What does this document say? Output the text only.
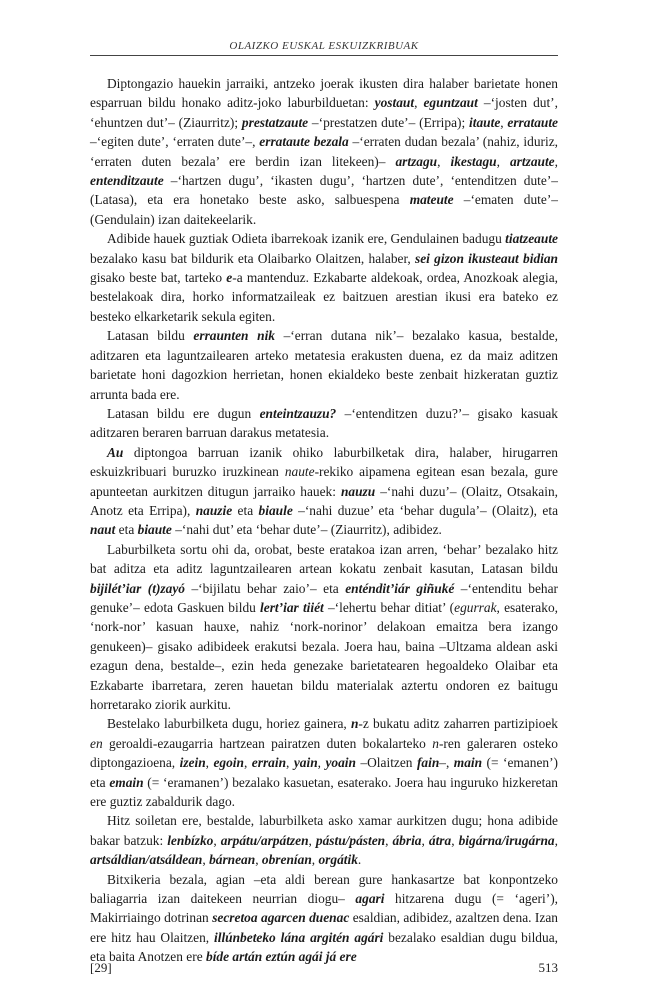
OLAIZKO EUSKAL ESKUIZKRIBUAK

Diptongazio hauekin jarraiki, antzeko joerak ikusten dira halaber barietate honen esparruan bildu honako aditz-joko laburbilduetan: yostaut, eguntzaut –‘josten dut’, ‘ehuntzen dut’– (Ziaurritz); prestatzaute –‘prestatzen dute’– (Erripa); itaute, errataute –‘egiten dute’, ‘erraten dute’–, errataute bezala –‘erraten dudan bezala’ (nahiz, iduriz, ‘erraten duten bezala’ ere berdin izan litekeen)– artzagu, ikestagu, artzaute, entenditzaute –‘hartzen dugu’, ‘ikasten dugu’, ‘hartzen dute’, ‘entenditzen dute’– (Latasa), eta era honetako beste asko, salbuespena mateute –‘ematen dute’– (Gendulain) izan daitekeelarik.

Adibide hauek guztiak Odieta ibarrekoak izanik ere, Gendulainen badugu tiatzeaute bezalako kasu bat bildurik eta Olaibarko Olaitzen, halaber, sei gizon ikusteaut bidian gisako beste bat, tarteko e-a mantenduz. Ezkabarte aldekoak, ordea, Anozkoak alegia, bestelakoak dira, horko informatzaileak ez baitzuen arestian ikusi era bateko ez besteko elkarketarik sekula egiten.

Latasan bildu erraunten nik –‘erran dutana nik’– bezalako kasua, bestalde, aditzaren eta laguntzailearen arteko metatesia erakusten duena, ez da maiz aditzen barietate honi dagozkion herrietan, honen ekialdeko beste zenbait hizkeratan guztiz arrunta bada ere.

Latasan bildu ere dugun enteintzauzu? –‘entenditzen duzu?’– gisako kasuak aditzaren beraren barruan darakus metatesia.

Au diptongoa barruan izanik ohiko laburbilketak dira, halaber, hirugarren eskuizkribuari buruzko iruzkinean naute-rekiko aipamena egitean esan bezala, gure apunteetan aurkitzen ditugun jarraiko hauek: nauzu –‘nahi duzu’– (Olaitz, Otsakain, Anotz eta Erripa), nauzie eta biaule –‘nahi duzue’ eta ‘behar dugula’– (Olaitz), eta naut eta biaute –‘nahi dut’ eta ‘behar dute’– (Ziaurritz), adibidez.

Laburbilketa sortu ohi da, orobat, beste eratakoa izan arren, ‘behar’ bezalako hitz bat aditza eta aditz laguntzailearen artean kokatu zenbait kasutan, Latasan bildu bijilét’iar (t)zayó –‘bijilatu behar zaio’– eta enténdit’iár giñuké –‘entenditu behar genuke’– edota Gaskuen bildu lert’iar tiiét –‘lehertu behar ditiat’ (egurrak, esaterako, ‘nork-nor’ kasuan hauxe, nahiz ‘nork-norinor’ delakoan emaitza bera izango genukeen)– gisako adibideek erakutsi bezala. Joera hau, baina –Ultzama aldean aski ezagun dena, bestalde–, ezin hedа genezake barietatearen hegoaldeko Olaibar eta Ezkabarte ibarretara, zeren hauetan bildu materialak aztertu ondoren ez baitugu horretarako ziorik aurkitu.

Bestelako laburbilketa dugu, horiez gainera, n-z bukatu aditz zaharren partizipioek en geroaldi-ezaugarria hartzean pairatzen duten bokalarteko n-ren galeraren osteko diptongazioena, izein, egoin, errain, yain, yoain –Olaitzen fain–, main (= ‘emanen’) eta emain (= ‘eramanen’) bezalako kasuetan, esaterako. Joera hau inguruko hizkeretan ere guztiz zabaldurik dago.

Hitz soiletan ere, bestalde, laburbilketa asko xamar aurkitzen dugu; hona adibide bakar batzuk: lenbízko, arpátu/arpátzen, pástu/pásten, ábria, átra, bigárna/irugárna, artsáldian/atsáldean, bárnean, obrenían, orgátik.

Bitxikeria bezala, agian –eta aldi berean gure hankasartze bat konpontzeko baliagarria izan daitekeen neurrian diogu– agari hitzarena dugu (= ‘ageri’), Makirriaingo dotrinan secretoa agarcen duenac esaldian, adibidez, azaltzen dena. Izan ere hitz hau Olaitzen, illúnbeteko lána argitén agári bezalako esaldian dugu bildua, eta baita Anotzen ere bíde artán eztún agái já ere

[29]	513
